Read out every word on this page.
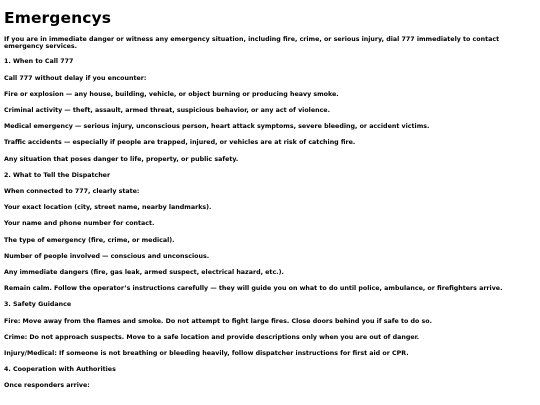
Emergencys

If you are in immediate danger or witness any emergency situation, including fire, crime, or serious injury, dial 777 immediately to contact emergency services.

1. When to Call 777

Call 777 without delay if you encounter:

Fire or explosion — any house, building, vehicle, or object burning or producing heavy smoke.

Criminal activity — theft, assault, armed threat, suspicious behavior, or any act of violence.

Medical emergency — serious injury, unconscious person, heart attack symptoms, severe bleeding, or accident victims.

Traffic accidents — especially if people are trapped, injured, or vehicles are at risk of catching fire.

Any situation that poses danger to life, property, or public safety.

2. What to Tell the Dispatcher

When connected to 777, clearly state:

Your exact location (city, street name, nearby landmarks).

Your name and phone number for contact.

The type of emergency (fire, crime, or medical).

Number of people involved — conscious and unconscious.

Any immediate dangers (fire, gas leak, armed suspect, electrical hazard, etc.).

Remain calm. Follow the operator’s instructions carefully — they will guide you on what to do until police, ambulance, or firefighters arrive.

3. Safety Guidance

Fire: Move away from the flames and smoke. Do not attempt to fight large fires. Close doors behind you if safe to do so.

Crime: Do not approach suspects. Move to a safe location and provide descriptions only when you are out of danger.

Injury/Medical: If someone is not breathing or bleeding heavily, follow dispatcher instructions for first aid or CPR.

4. Cooperation with Authorities

Once responders arrive:
